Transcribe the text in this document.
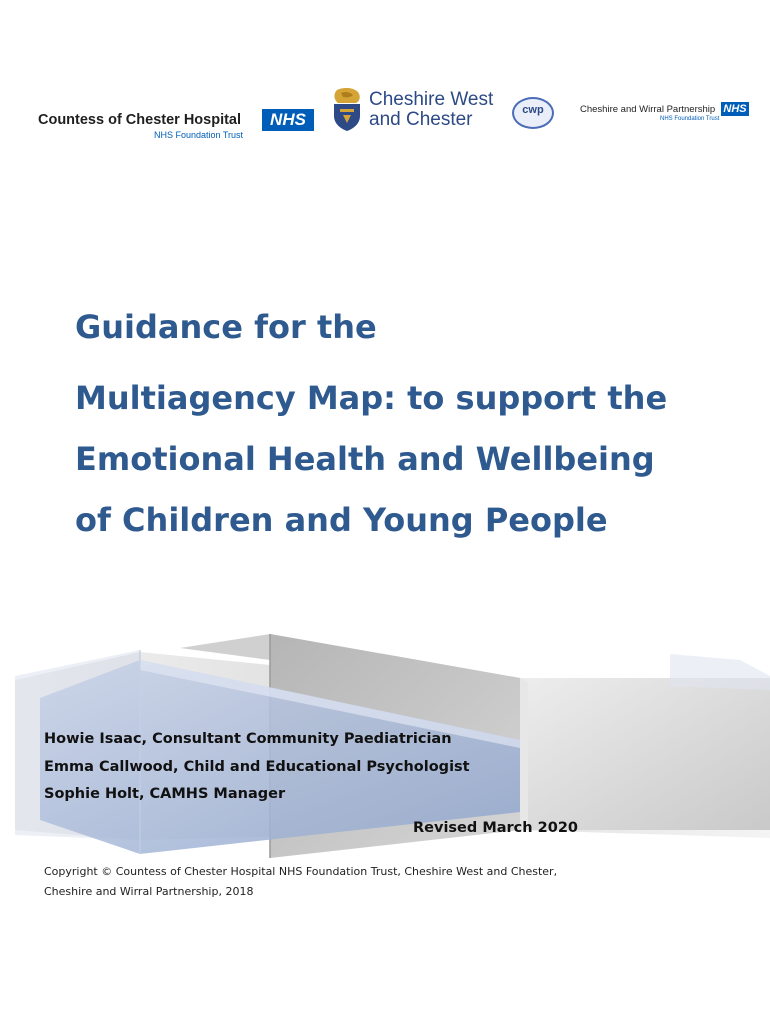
Countess of Chester Hospital	NHS
NHS Foundation Trust
Cheshire West
and Chester	cwp	Cheshire and Wirral Partnership NHS
NHS Foundation Trust
Guidance for the
Multiagency Map: to support the
Emotional Health and Wellbeing
of Children and Young People
Howie Isaac, Consultant Community Paediatrician
Emma Callwood, Child and Educational Psychologist
Sophie Holt, CAMHS Manager
Revised March 2020
Copyright © Countess of Chester Hospital NHS Foundation Trust, Cheshire West and Chester,
Cheshire and Wirral Partnership, 2018
